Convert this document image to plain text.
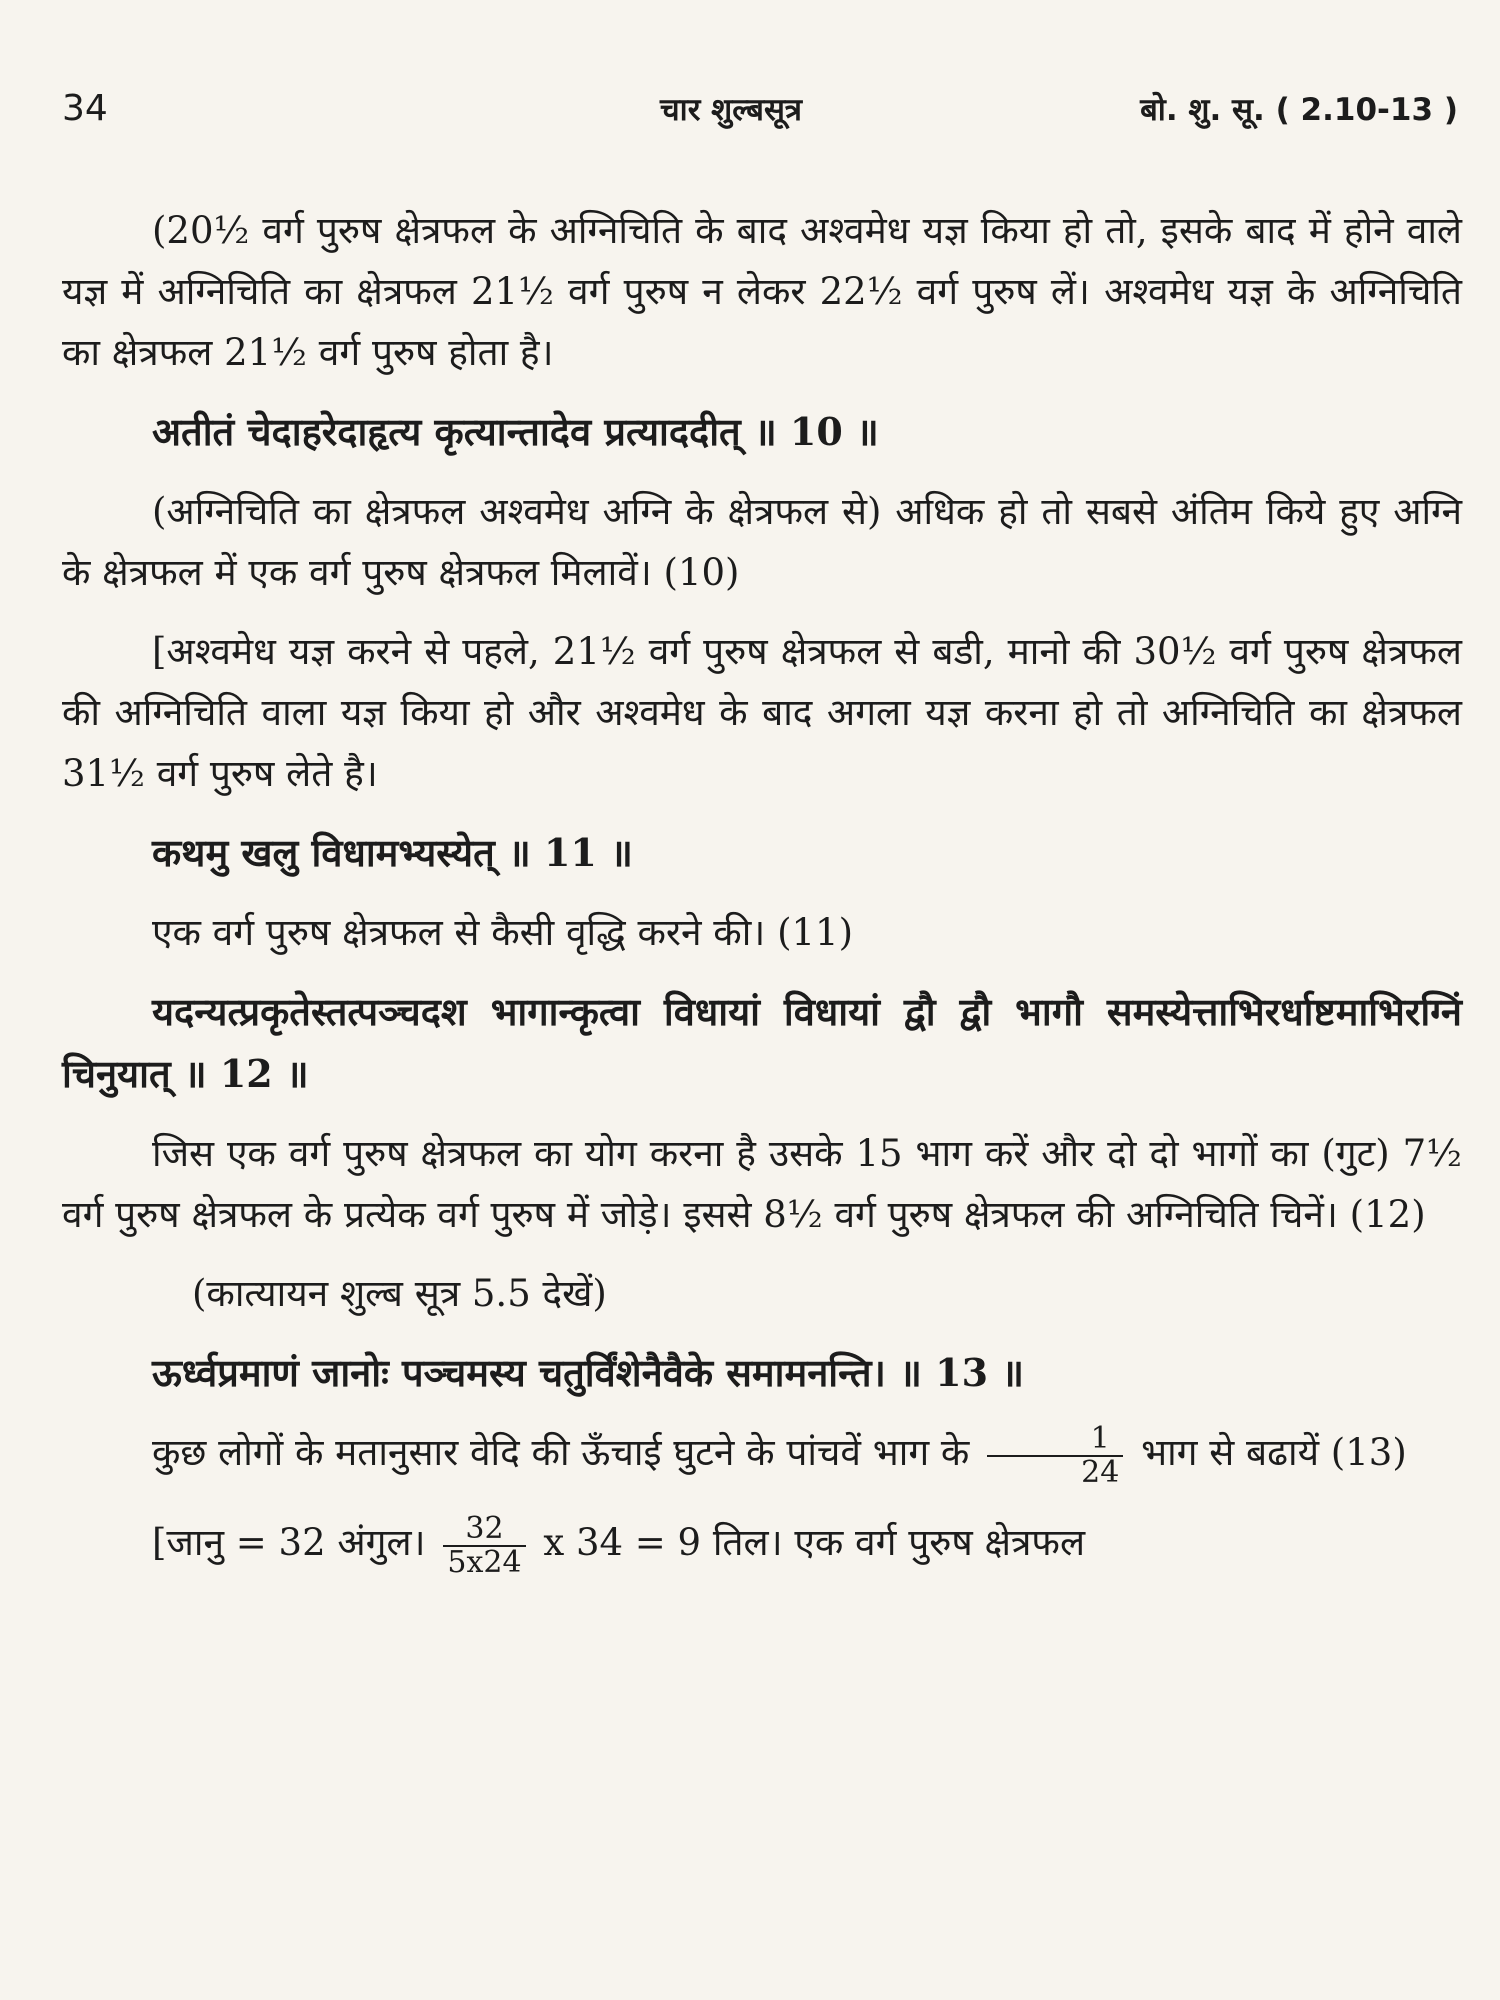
34	चार शुल्बसूत्र	बो. शु. सू. ( 2.10-13 )

(20½ वर्ग पुरुष क्षेत्रफल के अग्निचिति के बाद अश्वमेध यज्ञ किया हो तो, इसके बाद में होने वाले यज्ञ में अग्निचिति का क्षेत्रफल 21½ वर्ग पुरुष न लेकर 22½ वर्ग पुरुष लें। अश्वमेध यज्ञ के अग्निचिति का क्षेत्रफल 21½ वर्ग पुरुष होता है।

अतीतं चेदाहरेदाहृत्य कृत्यान्तादेव प्रत्याददीत् ॥ 10 ॥

(अग्निचिति का क्षेत्रफल अश्वमेध अग्नि के क्षेत्रफल से) अधिक हो तो सबसे अंतिम किये हुए अग्नि के क्षेत्रफल में एक वर्ग पुरुष क्षेत्रफल मिलावें। (10)

[अश्वमेध यज्ञ करने से पहले, 21½ वर्ग पुरुष क्षेत्रफल से बडी, मानो की 30½ वर्ग पुरुष क्षेत्रफल की अग्निचिति वाला यज्ञ किया हो और अश्वमेध के बाद अगला यज्ञ करना हो तो अग्निचिति का क्षेत्रफल 31½ वर्ग पुरुष लेते है।

कथमु खलु विधामभ्यस्येत् ॥ 11 ॥

एक वर्ग पुरुष क्षेत्रफल से कैसी वृद्धि करने की। (11)

यदन्यत्प्रकृतेस्तत्पञ्चदश भागान्कृत्वा विधायां विधायां द्वौ द्वौ भागौ समस्येत्ताभिरर्धाष्टमाभिरग्निं चिनुयात् ॥ 12 ॥

जिस एक वर्ग पुरुष क्षेत्रफल का योग करना है उसके 15 भाग करें और दो दो भागों का (गुट) 7½ वर्ग पुरुष क्षेत्रफल के प्रत्येक वर्ग पुरुष में जोडे़। इससे 8½ वर्ग पुरुष क्षेत्रफल की अग्निचिति चिनें। (12)

(कात्यायन शुल्ब सूत्र 5.5 देखें)

ऊर्ध्वप्रमाणं जानोः पञ्चमस्य चतुर्विंशेनैवैके समामनन्ति। ॥ 13 ॥

कुछ लोगों के मतानुसार वेदि की ऊँचाई घुटने के पांचवें भाग के $\frac{1}{24}$ भाग से बढायें (13)

[जानु = 32 अंगुल। $\frac{32}{5x24}$ x 34 = 9 तिल। एक वर्ग पुरुष क्षेत्रफल
